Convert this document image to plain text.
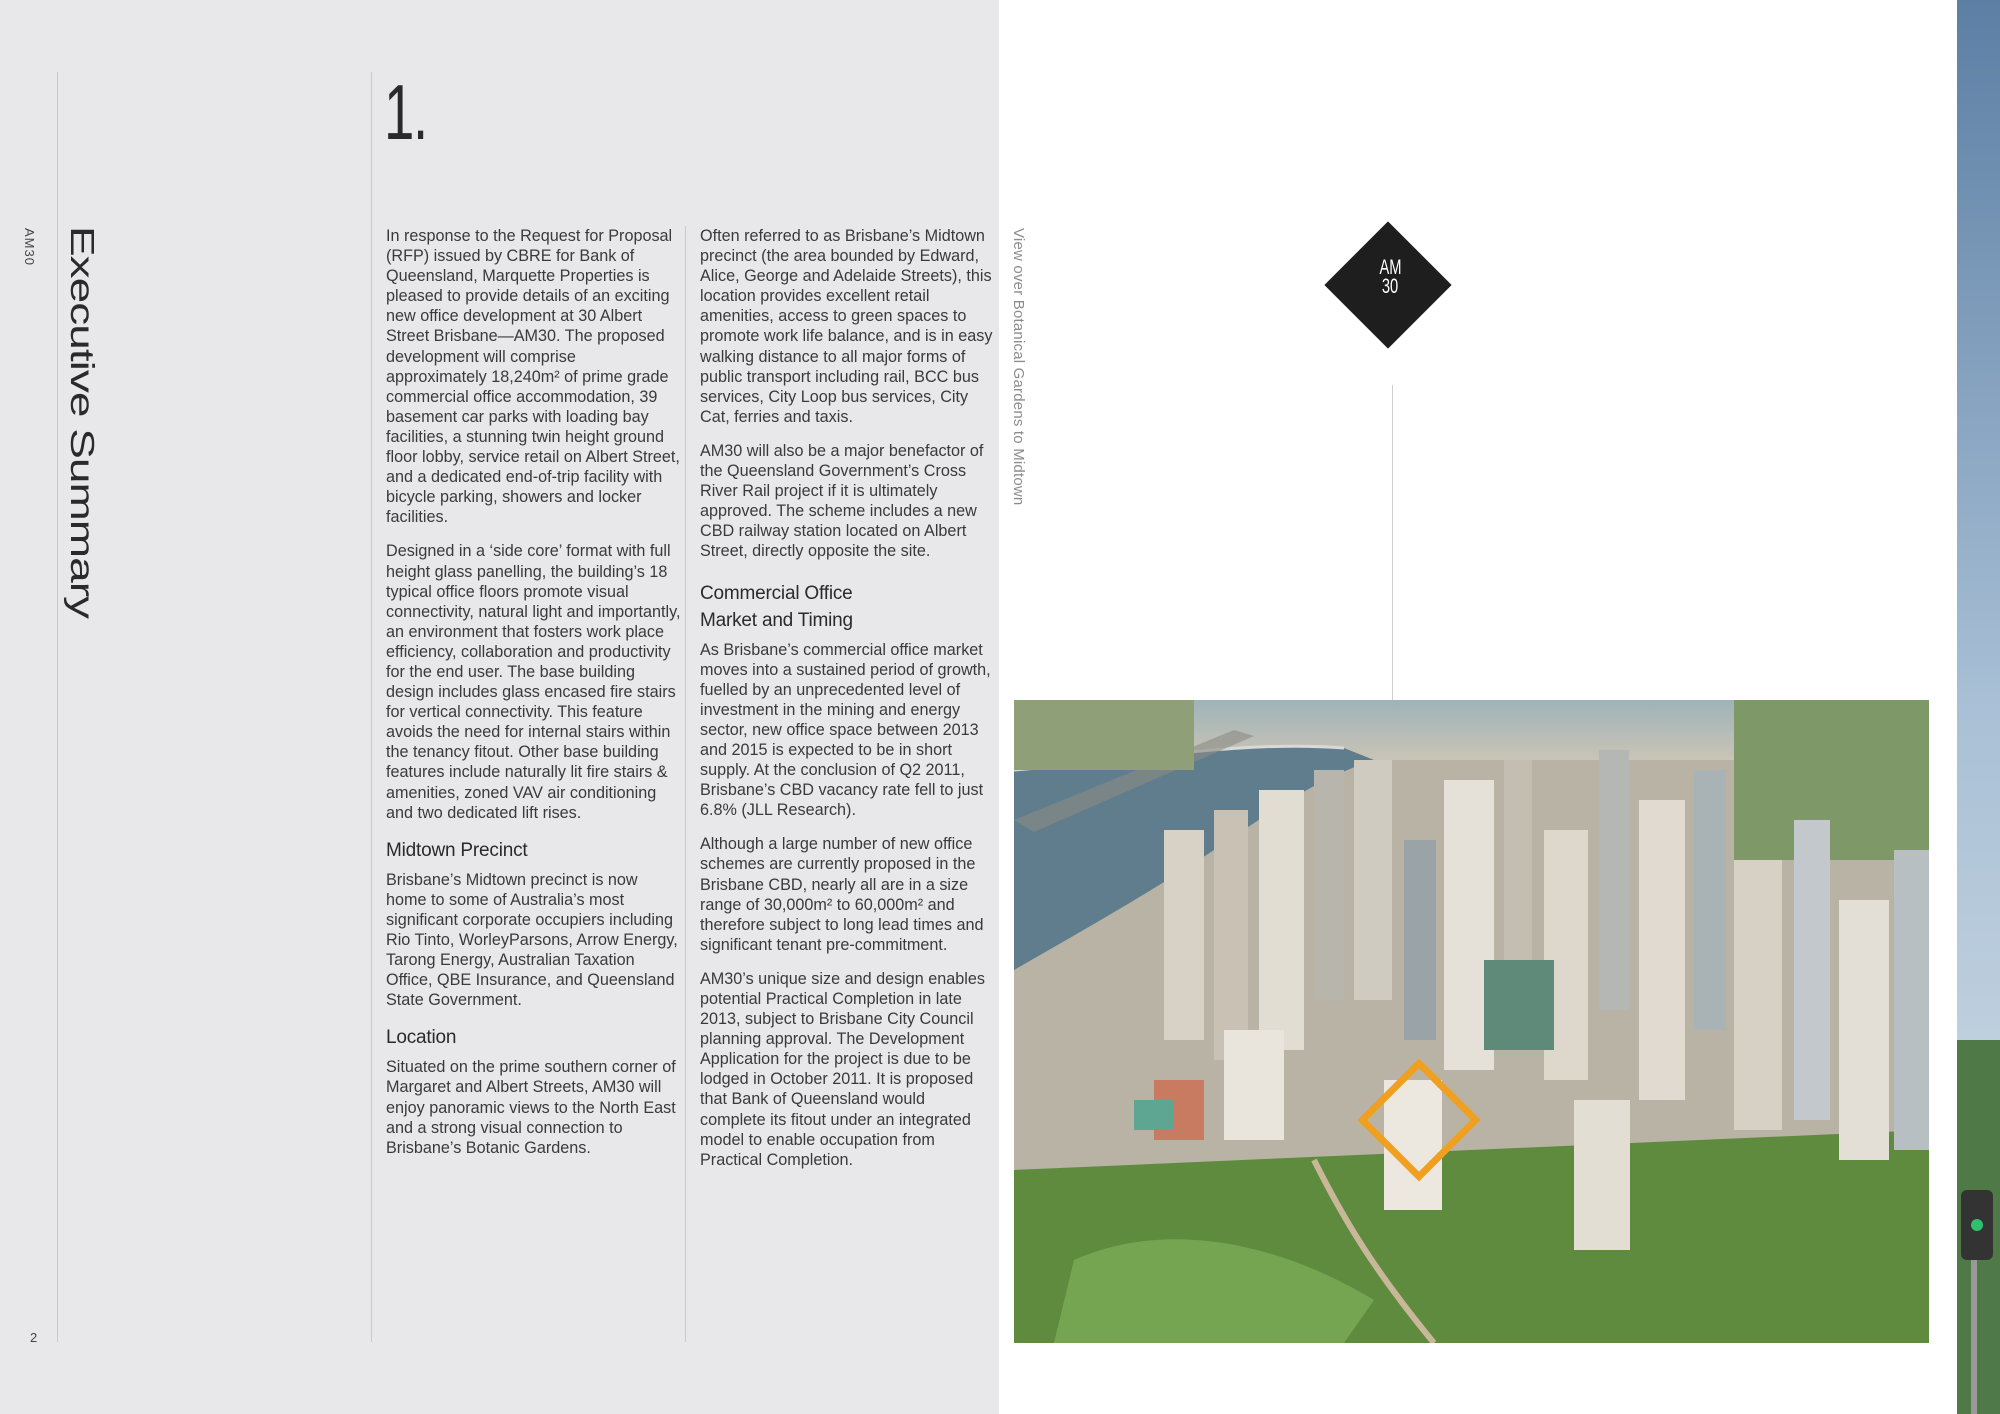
AM30 Executive Summary
2
1.

In response to the Request for Proposal (RFP) issued by CBRE for Bank of Queensland, Marquette Properties is pleased to provide details of an exciting new office development at 30 Albert Street Brisbane—AM30. The proposed development will comprise approximately 18,240m² of prime grade commercial office accommodation, 39 basement car parks with loading bay facilities, a stunning twin height ground floor lobby, service retail on Albert Street, and a dedicated end-of-trip facility with bicycle parking, showers and locker facilities.

Designed in a ‘side core’ format with full height glass panelling, the building’s 18 typical office floors promote visual connectivity, natural light and importantly, an environment that fosters work place efficiency, collaboration and productivity for the end user. The base building design includes glass encased fire stairs for vertical connectivity. This feature avoids the need for internal stairs within the tenancy fitout. Other base building features include naturally lit fire stairs & amenities, zoned VAV air conditioning and two dedicated lift rises.

Midtown Precinct

Brisbane’s Midtown precinct is now home to some of Australia’s most significant corporate occupiers including Rio Tinto, WorleyParsons, Arrow Energy, Tarong Energy, Australian Taxation Office, QBE Insurance, and Queensland State Government.

Location

Situated on the prime southern corner of Margaret and Albert Streets, AM30 will enjoy panoramic views to the North East and a strong visual connection to Brisbane’s Botanic Gardens.

Often referred to as Brisbane’s Midtown precinct (the area bounded by Edward, Alice, George and Adelaide Streets), this location provides excellent retail amenities, access to green spaces to promote work life balance, and is in easy walking distance to all major forms of public transport including rail, BCC bus services, City Loop bus services, City Cat, ferries and taxis.

AM30 will also be a major benefactor of the Queensland Government’s Cross River Rail project if it is ultimately approved. The scheme includes a new CBD railway station located on Albert Street, directly opposite the site.

Commercial Office
Market and Timing

As Brisbane’s commercial office market moves into a sustained period of growth, fuelled by an unprecedented level of investment in the mining and energy sector, new office space between 2013 and 2015 is expected to be in short supply. At the conclusion of Q2 2011, Brisbane’s CBD vacancy rate fell to just 6.8% (JLL Research).

Although a large number of new office schemes are currently proposed in the Brisbane CBD, nearly all are in a size range of 30,000m² to 60,000m² and therefore subject to long lead times and significant tenant pre-commitment.

AM30’s unique size and design enables potential Practical Completion in late 2013, subject to Brisbane City Council planning approval. The Development Application for the project is due to be lodged in October 2011. It is proposed that Bank of Queensland would complete its fitout under an integrated model to enable occupation from Practical Completion.

View over Botanical Gardens to Midtown	AM
30
